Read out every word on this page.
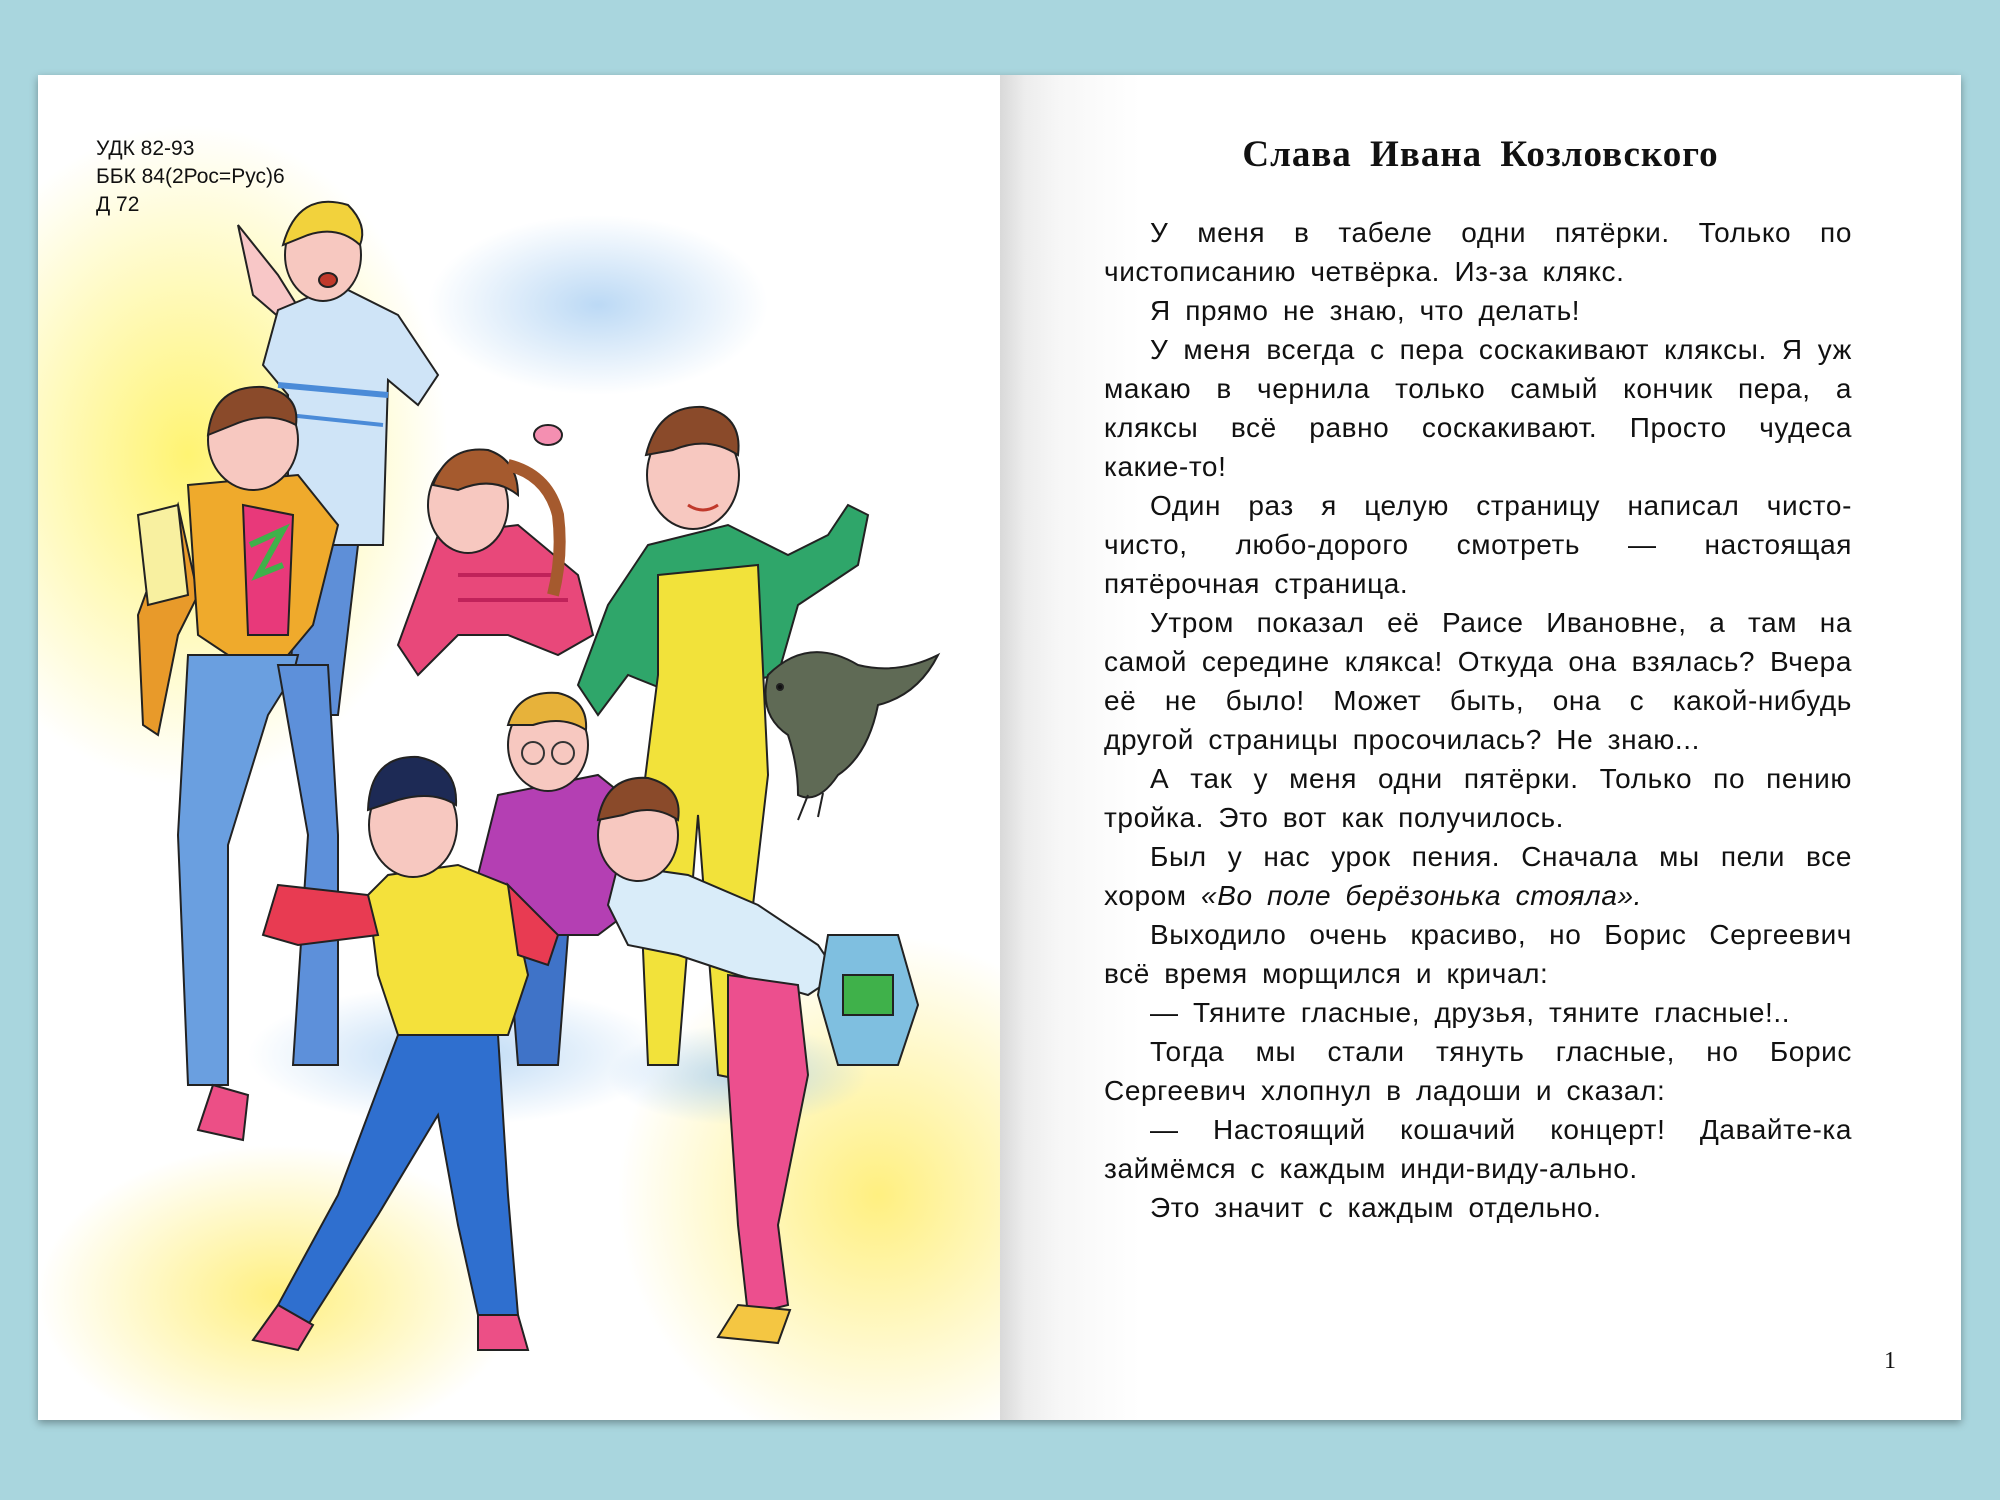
УДК 82-93
ББК 84(2Рос=Рус)6
Д 72
Слава Ивана Козловского

У меня в табеле одни пятёрки. Только по чистописанию четвёрка. Из-за клякс.

Я прямо не знаю, что делать!

У меня всегда с пера соскакивают кляксы. Я уж макаю в чернила только самый кончик пера, а кляксы всё равно соскакивают. Просто чудеса какие-то!

Один раз я целую страницу написал чисто-чисто, любо-дорого смотреть — настоящая пятёрочная страница.

Утром показал её Раисе Ивановне, а там на самой середине клякса! Откуда она взялась? Вчера её не было! Может быть, она с какой-нибудь другой страницы просочилась? Не знаю...

А так у меня одни пятёрки. Только по пению тройка. Это вот как получилось.

Был у нас урок пения. Сначала мы пели все хором «Во поле берёзонька стояла».

Выходило очень красиво, но Борис Сергеевич всё время морщился и кричал:

— Тяните гласные, друзья, тяните гласные!..

Тогда мы стали тянуть гласные, но Борис Сергеевич хлопнул в ладоши и сказал:

— Настоящий кошачий концерт! Давайте-ка займёмся с каждым инди-виду-ально.

Это значит с каждым отдельно.

1
